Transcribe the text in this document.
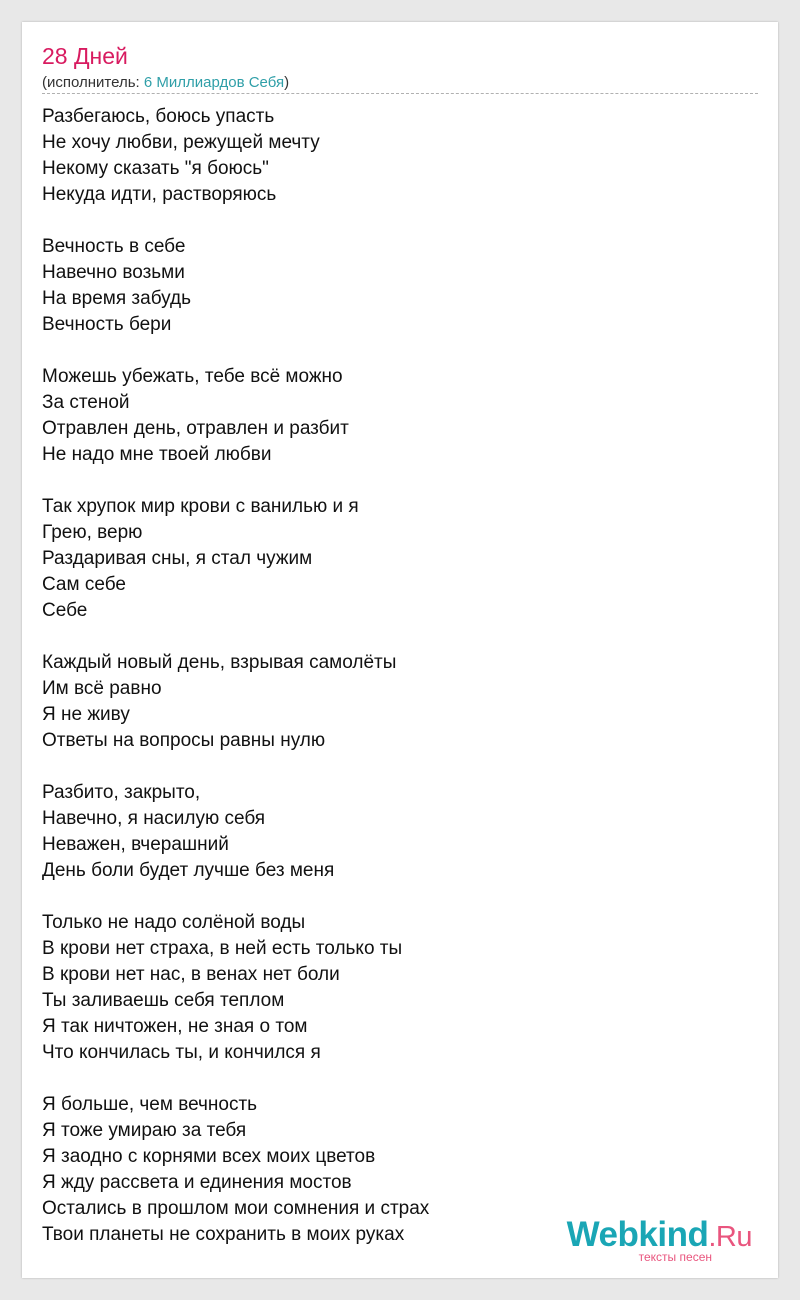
28 Дней
(исполнитель: 6 Миллиардов Себя)
Разбегаюсь, боюсь упасть
Не хочу любви, режущей мечту
Некому сказать "я боюсь"
Некуда идти, растворяюсь
Вечность в себе
Навечно возьми
На время забудь
Вечность бери
Можешь убежать, тебе всё можно
За стеной
Отравлен день, отравлен и разбит
Не надо мне твоей любви
Так хрупок мир крови с ванилью и я
Грею, верю
Раздаривая сны, я стал чужим
Сам себе
Себе
Каждый новый день, взрывая самолёты
Им всё равно
Я не живу
Ответы на вопросы равны нулю
Разбито, закрыто,
Навечно, я насилую себя
Неважен, вчерашний
День боли будет лучше без меня
Только не надо солёной воды
В крови нет страха, в ней есть только ты
В крови нет нас, в венах нет боли
Ты заливаешь себя теплом
Я так ничтожен, не зная о том
Что кончилась ты, и кончился я
Я больше, чем вечность
Я тоже умираю за тебя
Я заодно с корнями всех моих цветов
Я жду рассвета и единения мостов
Остались в прошлом мои сомнения и страх
Твои планеты не сохранить в моих руках	Webkind.Ru
тексты песен
